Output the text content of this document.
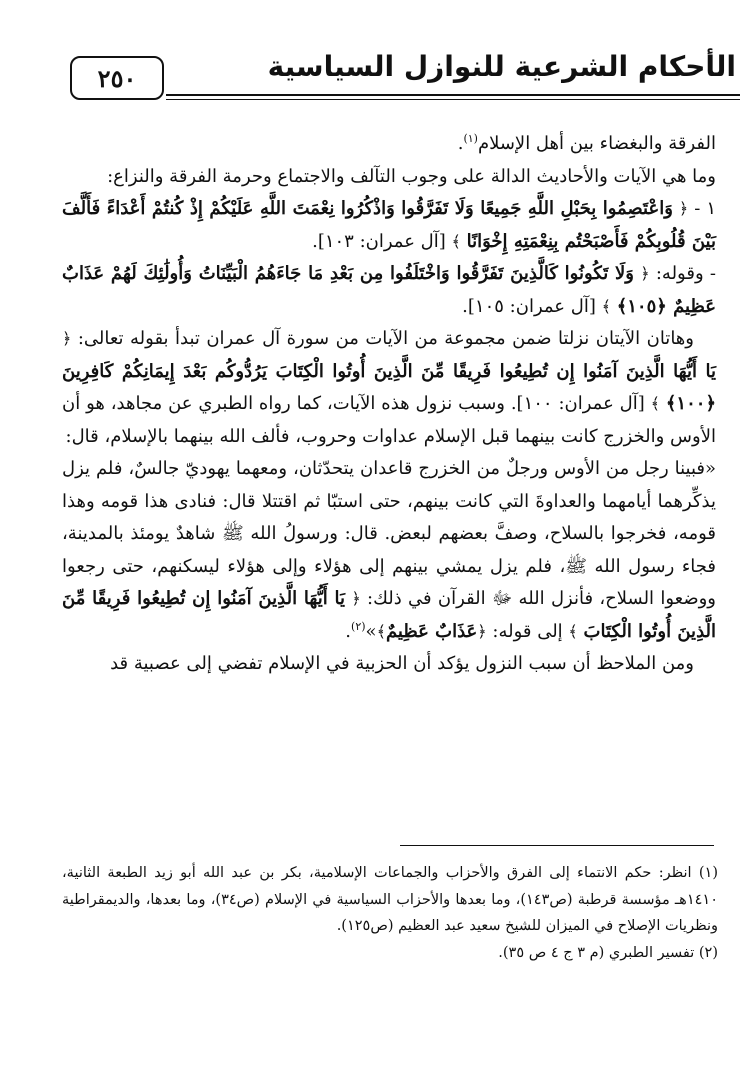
٢٥٠	الأحكام الشرعية للنوازل السياسية

الفرقة والبغضاء بين أهل الإسلام$^{(١)}$.

وما هي الآيات والأحاديث الدالة على وجوب التآلف والاجتماع وحرمة الفرقة والنزاع:

١ - ﴿ وَاعْتَصِمُوا بِحَبْلِ اللَّهِ جَمِيعًا وَلَا تَفَرَّقُوا وَاذْكُرُوا نِعْمَتَ اللَّهِ عَلَيْكُمْ إِذْ كُنتُمْ أَعْدَاءً فَأَلَّفَ بَيْنَ قُلُوبِكُمْ فَأَصْبَحْتُم بِنِعْمَتِهِ إِخْوَانًا ﴾ [آل عمران: ١٠٣].

- وقوله: ﴿ وَلَا تَكُونُوا كَالَّذِينَ تَفَرَّقُوا وَاخْتَلَفُوا مِن بَعْدِ مَا جَاءَهُمُ الْبَيِّنَاتُ وَأُولَٰئِكَ لَهُمْ عَذَابٌ عَظِيمٌ ﴿١٠٥﴾ ﴾ [آل عمران: ١٠٥].

وهاتان الآيتان نزلتا ضمن مجموعة من الآيات من سورة آل عمران تبدأ بقوله تعالى: ﴿ يَا أَيُّهَا الَّذِينَ آمَنُوا إِن تُطِيعُوا فَرِيقًا مِّنَ الَّذِينَ أُوتُوا الْكِتَابَ يَرُدُّوكُم بَعْدَ إِيمَانِكُمْ كَافِرِينَ ﴿١٠٠﴾ ﴾ [آل عمران: ١٠٠]. وسبب نزول هذه الآيات، كما رواه الطبري عن مجاهد، هو أن الأوس والخزرج كانت بينهما قبل الإسلام عداوات وحروب، فألف الله بينهما بالإسلام، قال:

«فبينا رجل من الأوس ورجلٌ من الخزرج قاعدان يتحدّثان، ومعهما يهوديّ جالسٌ، فلم يزل يذكِّرهما أيامهما والعداوةَ التي كانت بينهم، حتى استبّا ثم اقتتلا قال: فنادى هذا قومه وهذا قومه، فخرجوا بالسلاح، وصفَّ بعضهم لبعض. قال: ورسولُ الله ﷺ شاهدٌ يومئذ بالمدينة، فجاء رسول الله ﷺ، فلم يزل يمشي بينهم إلى هؤلاء وإلى هؤلاء ليسكنهم، حتى رجعوا ووضعوا السلاح، فأنزل الله ﷻ القرآن في ذلك: ﴿ يَا أَيُّهَا الَّذِينَ آمَنُوا إِن تُطِيعُوا فَرِيقًا مِّنَ الَّذِينَ أُوتُوا الْكِتَابَ ﴾ إلى قوله: ﴿عَذَابٌ عَظِيمٌ﴾»$^{(٢)}$.

ومن الملاحظ أن سبب النزول يؤكد أن الحزبية في الإسلام تفضي إلى عصبية قد

(١) انظر: حكم الانتماء إلى الفرق والأحزاب والجماعات الإسلامية، بكر بن عبد الله أبو زيد الطبعة الثانية، ١٤١٠هـ مؤسسة قرطبة (ص١٤٣)، وما بعدها والأحزاب السياسية في الإسلام (ص٣٤)، وما بعدها، والديمقراطية ونظريات الإصلاح في الميزان للشيخ سعيد عبد العظيم (ص١٢٥).

(٢) تفسير الطبري (م ٣ ج ٤ ص ٣٥).
